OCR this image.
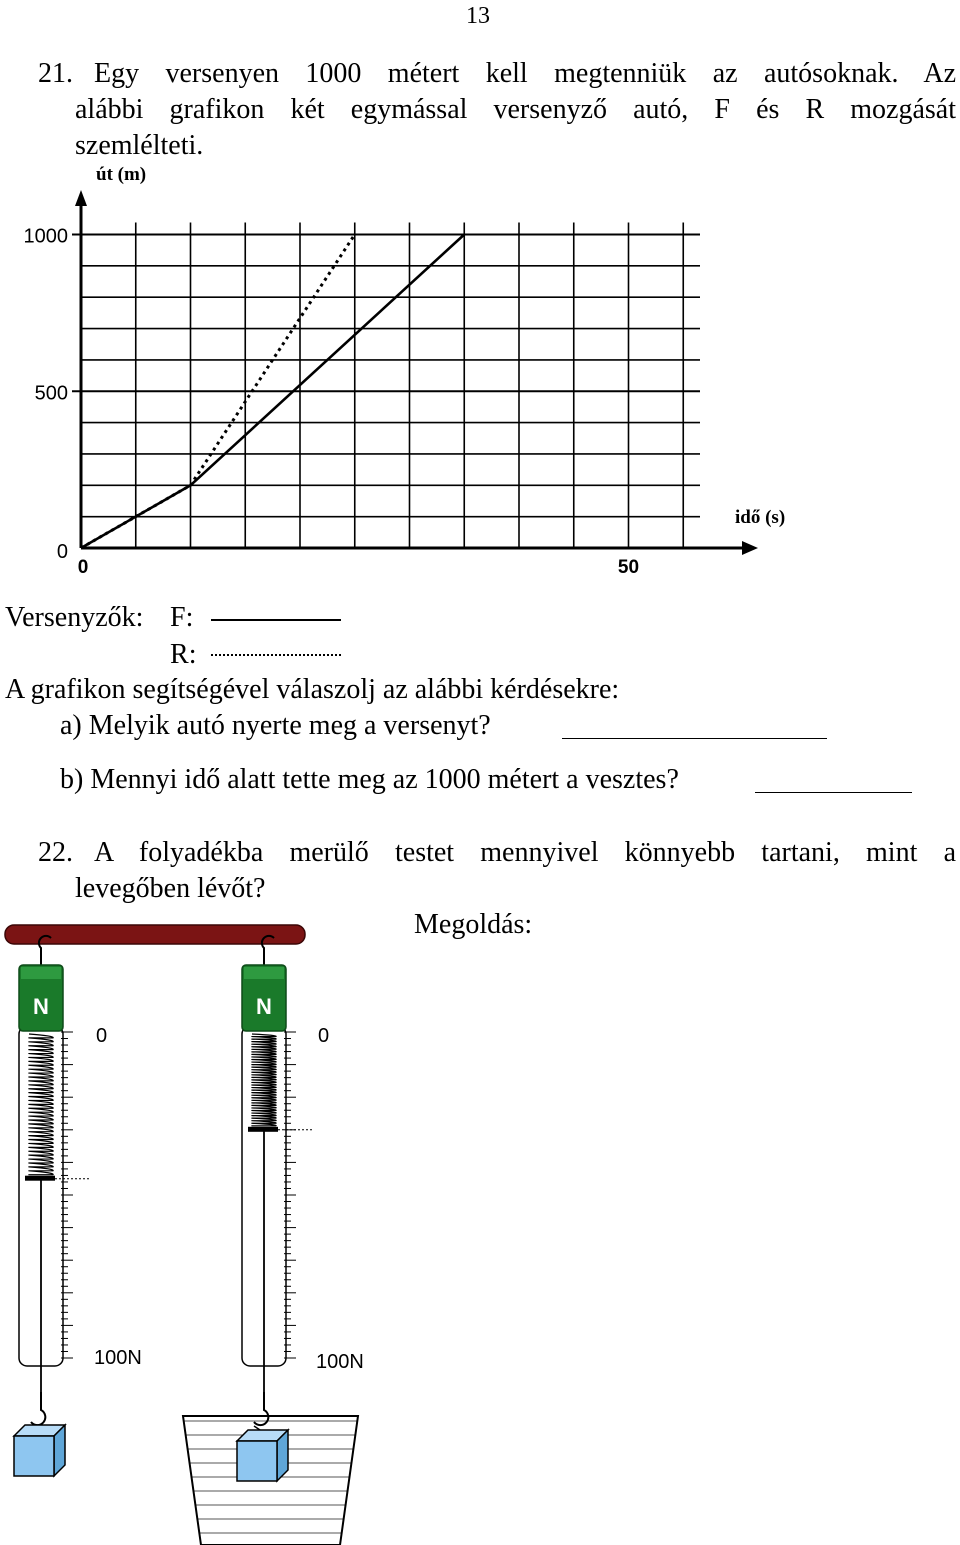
13
21. Egy versenyen 1000 métert kell megtenniük az autósoknak. Az
alábbi grafikon két egymással versenyző autó, F és R mozgását
szemlélteti.
út (m)
idő (s)
0
500
1000
0	50
Versenyzők: F:
R:
A grafikon segítségével válaszolj az alábbi kérdésekre:
a) Melyik autó nyerte meg a versenyt?
b) Mennyi idő alatt tette meg az 1000 métert a vesztes?
22. A folyadékba merülő testet mennyivel könnyebb tartani, mint a
levegőben lévőt?
Megoldás:
N	N
0	0
100N	100N
